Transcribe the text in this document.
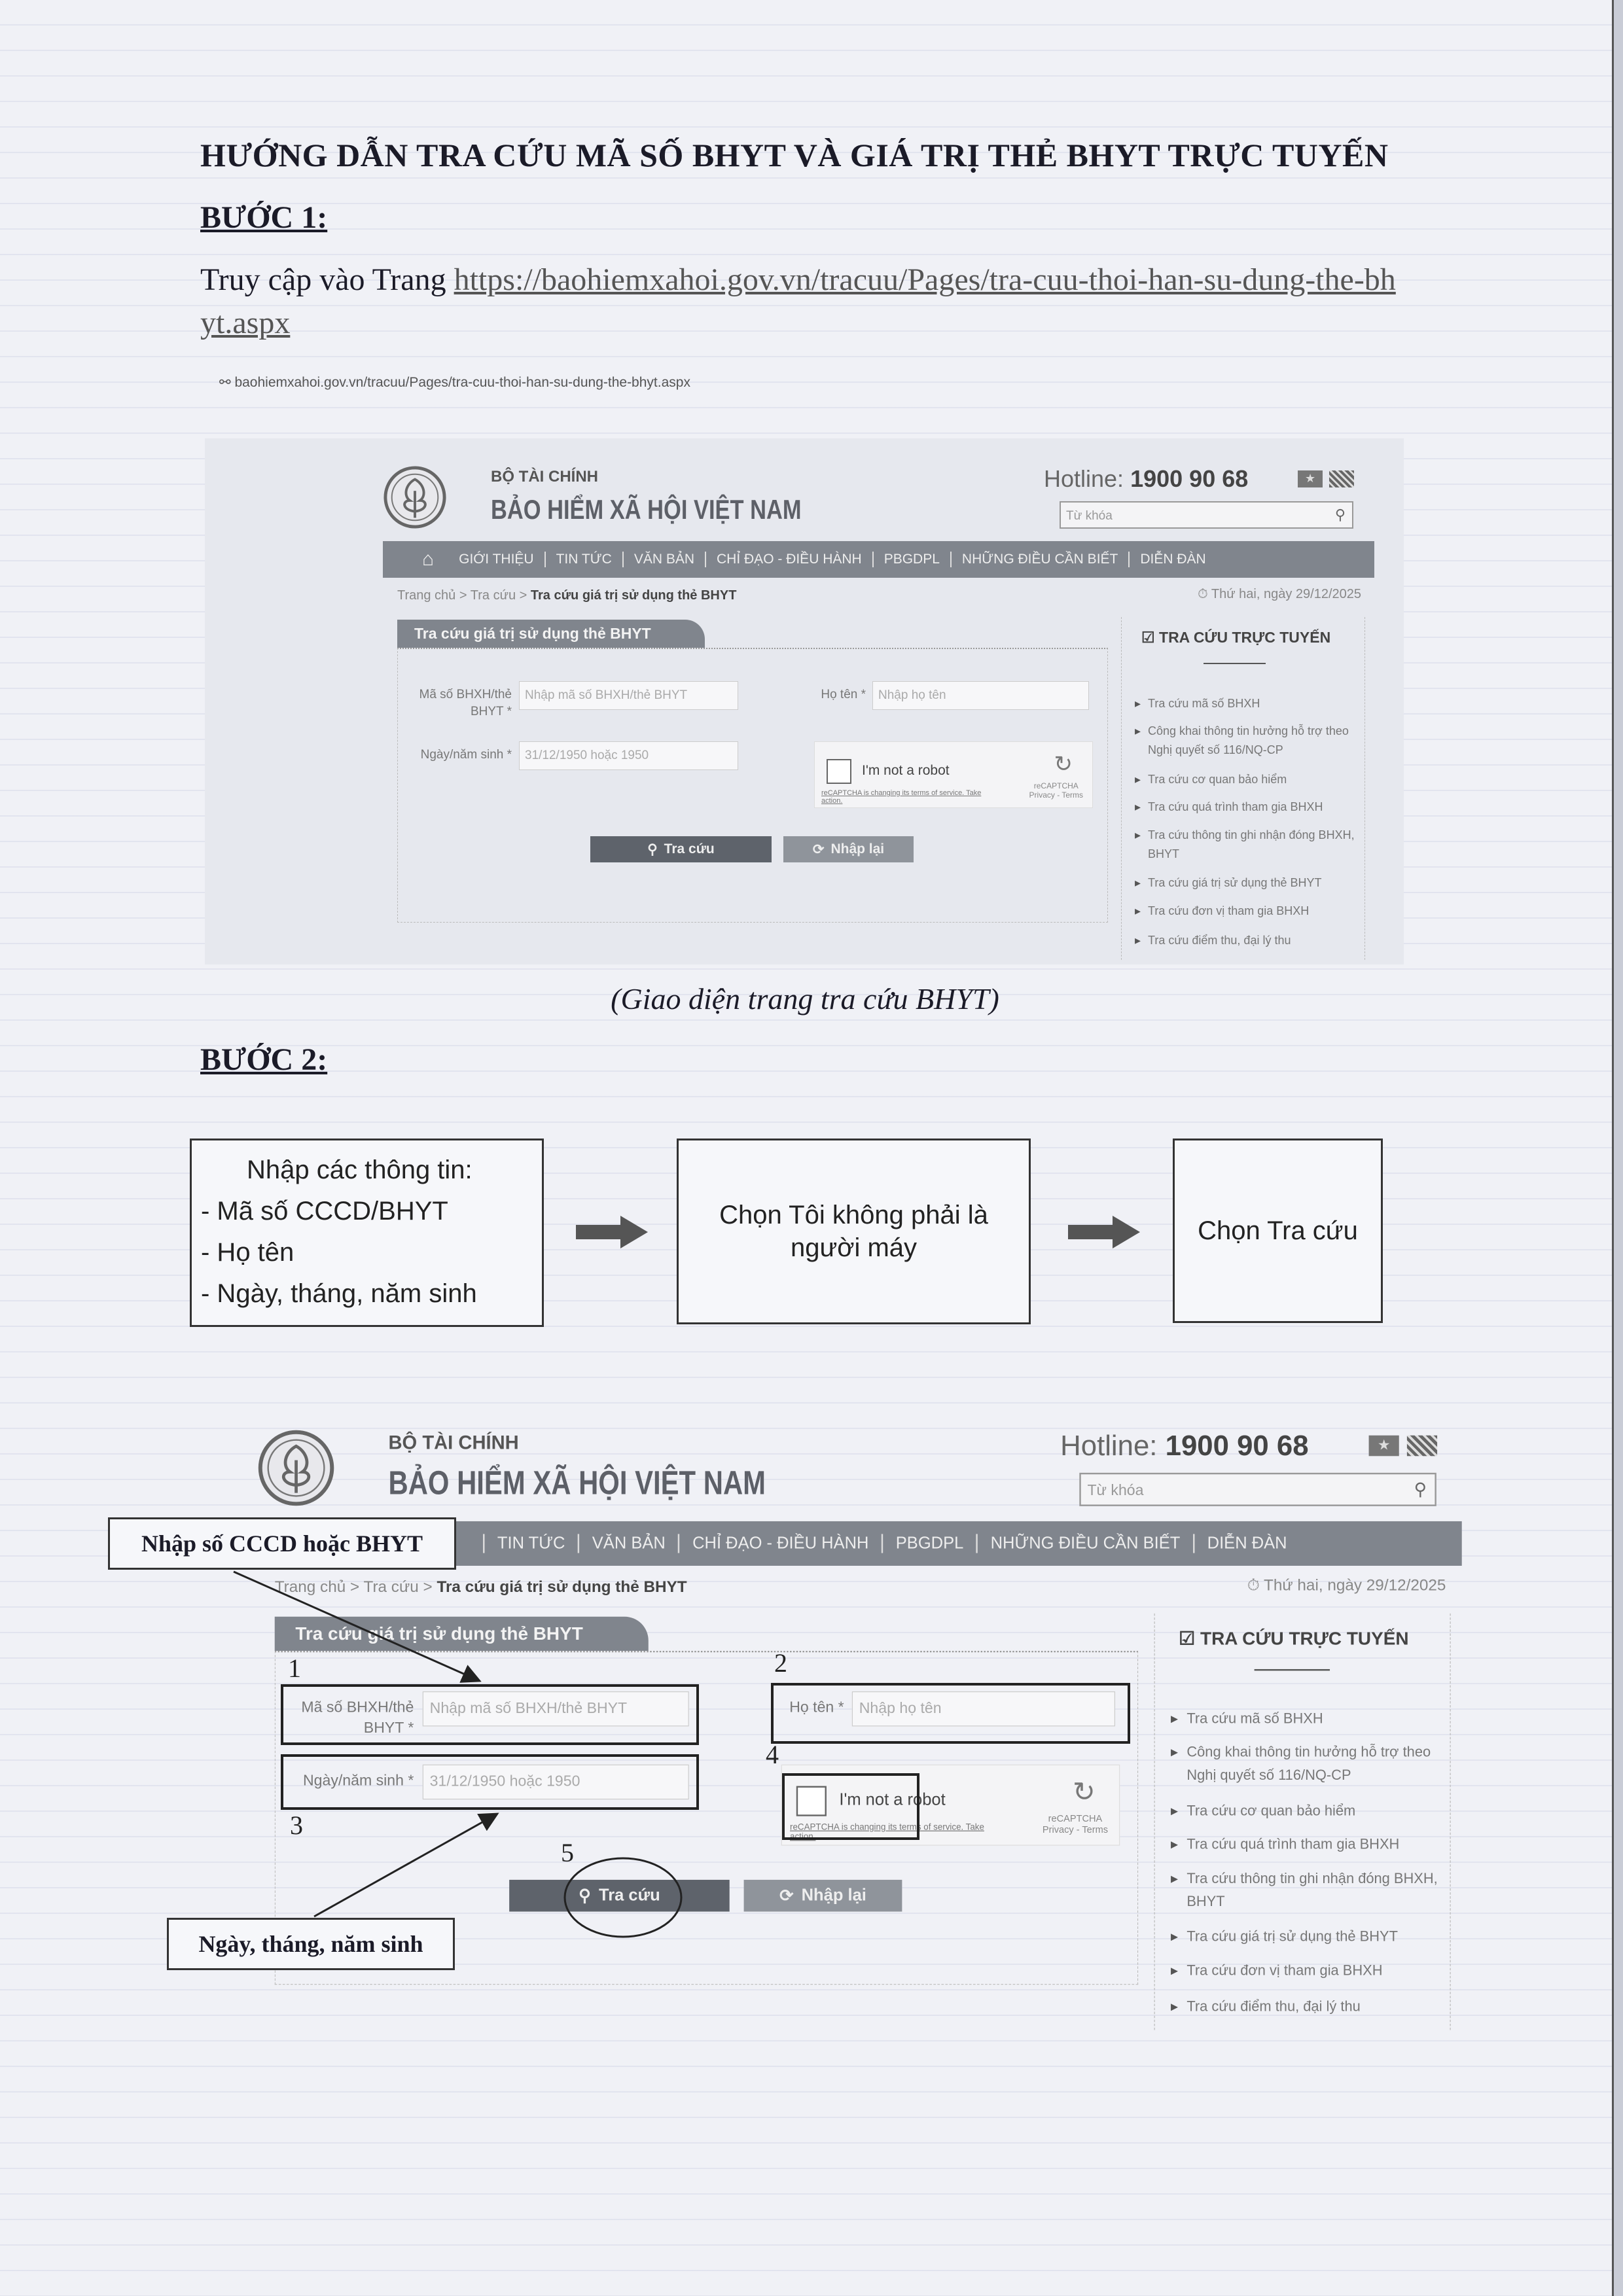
HƯỚNG DẪN TRA CỨU MÃ SỐ BHYT VÀ GIÁ TRỊ THẺ BHYT TRỰC TUYẾN
BƯỚC 1:
Truy cập vào Trang https://baohiemxahoi.gov.vn/tracuu/Pages/tra-cuu-thoi-han-su-dung-the-bhyt.aspx
⚯ baohiemxahoi.gov.vn/tracuu/Pages/tra-cuu-thoi-han-su-dung-the-bhyt.aspx
BỘ TÀI CHÍNH
BẢO HIỂM XÃ HỘI VIỆT NAM
Hotline: 1900 90 68
★
Từ khóa	⚲
⌂	GIỚI THIỆU	TIN TỨC	VĂN BẢN	CHỈ ĐẠO - ĐIỀU HÀNH	PBGDPL	NHỮNG ĐIỀU CẦN BIẾT	DIỄN ĐÀN
Trang chủ > Tra cứu > Tra cứu giá trị sử dụng thẻ BHYT	⏱ Thứ hai, ngày 29/12/2025
Tra cứu giá trị sử dụng thẻ BHYT
Mã số BHXH/thẻ BHYT *
Nhập mã số BHXH/thẻ BHYT	Họ tên *	Nhập họ tên
Ngày/năm sinh *	31/12/1950 hoặc 1950
I'm not a robot
reCAPTCHA is changing its terms of service. Take action.
↻
reCAPTCHA
Privacy - Terms
⚲ Tra cứu	⟳ Nhập lại
☑ TRA CỨU TRỰC TUYẾN
▸ Tra cứu mã số BHXH
▸ Công khai thông tin hưởng hỗ trợ theo Nghị quyết số 116/NQ-CP
▸ Tra cứu cơ quan bảo hiểm
▸ Tra cứu quá trình tham gia BHXH
▸ Tra cứu thông tin ghi nhận đóng BHXH, BHYT
▸ Tra cứu giá trị sử dụng thẻ BHYT
▸ Tra cứu đơn vị tham gia BHXH
▸ Tra cứu điểm thu, đại lý thu
(Giao diện trang tra cứu BHYT)
BƯỚC 2:
Nhập các thông tin:
- Mã số CCCD/BHYT
- Họ tên
- Ngày, tháng, năm sinh
Chọn Tôi không phải là người máy
Chọn Tra cứu
BỘ TÀI CHÍNH
BẢO HIỂM XÃ HỘI VIỆT NAM
Hotline: 1900 90 68
★
Từ khóa	⚲
TIN TỨC	VĂN BẢN	CHỈ ĐẠO - ĐIỀU HÀNH	PBGDPL	NHỮNG ĐIỀU CẦN BIẾT	DIỄN ĐÀN
Trang chủ > Tra cứu > Tra cứu giá trị sử dụng thẻ BHYT	⏱ Thứ hai, ngày 29/12/2025
Tra cứu giá trị sử dụng thẻ BHYT
Mã số BHXH/thẻ BHYT *
Nhập mã số BHXH/thẻ BHYT	Họ tên *	Nhập họ tên
Ngày/năm sinh *	31/12/1950 hoặc 1950
I'm not a robot
reCAPTCHA is changing its terms of service. Take action.
↻
reCAPTCHA
Privacy - Terms
⚲ Tra cứu	⟳ Nhập lại
☑ TRA CỨU TRỰC TUYẾN
▸ Tra cứu mã số BHXH
▸ Công khai thông tin hưởng hỗ trợ theo Nghị quyết số 116/NQ-CP
▸ Tra cứu cơ quan bảo hiểm
▸ Tra cứu quá trình tham gia BHXH
▸ Tra cứu thông tin ghi nhận đóng BHXH, BHYT
▸ Tra cứu giá trị sử dụng thẻ BHYT
▸ Tra cứu đơn vị tham gia BHXH
▸ Tra cứu điểm thu, đại lý thu
Nhập số CCCD hoặc BHYT
Ngày, tháng, năm sinh
1	2
3
4
5
